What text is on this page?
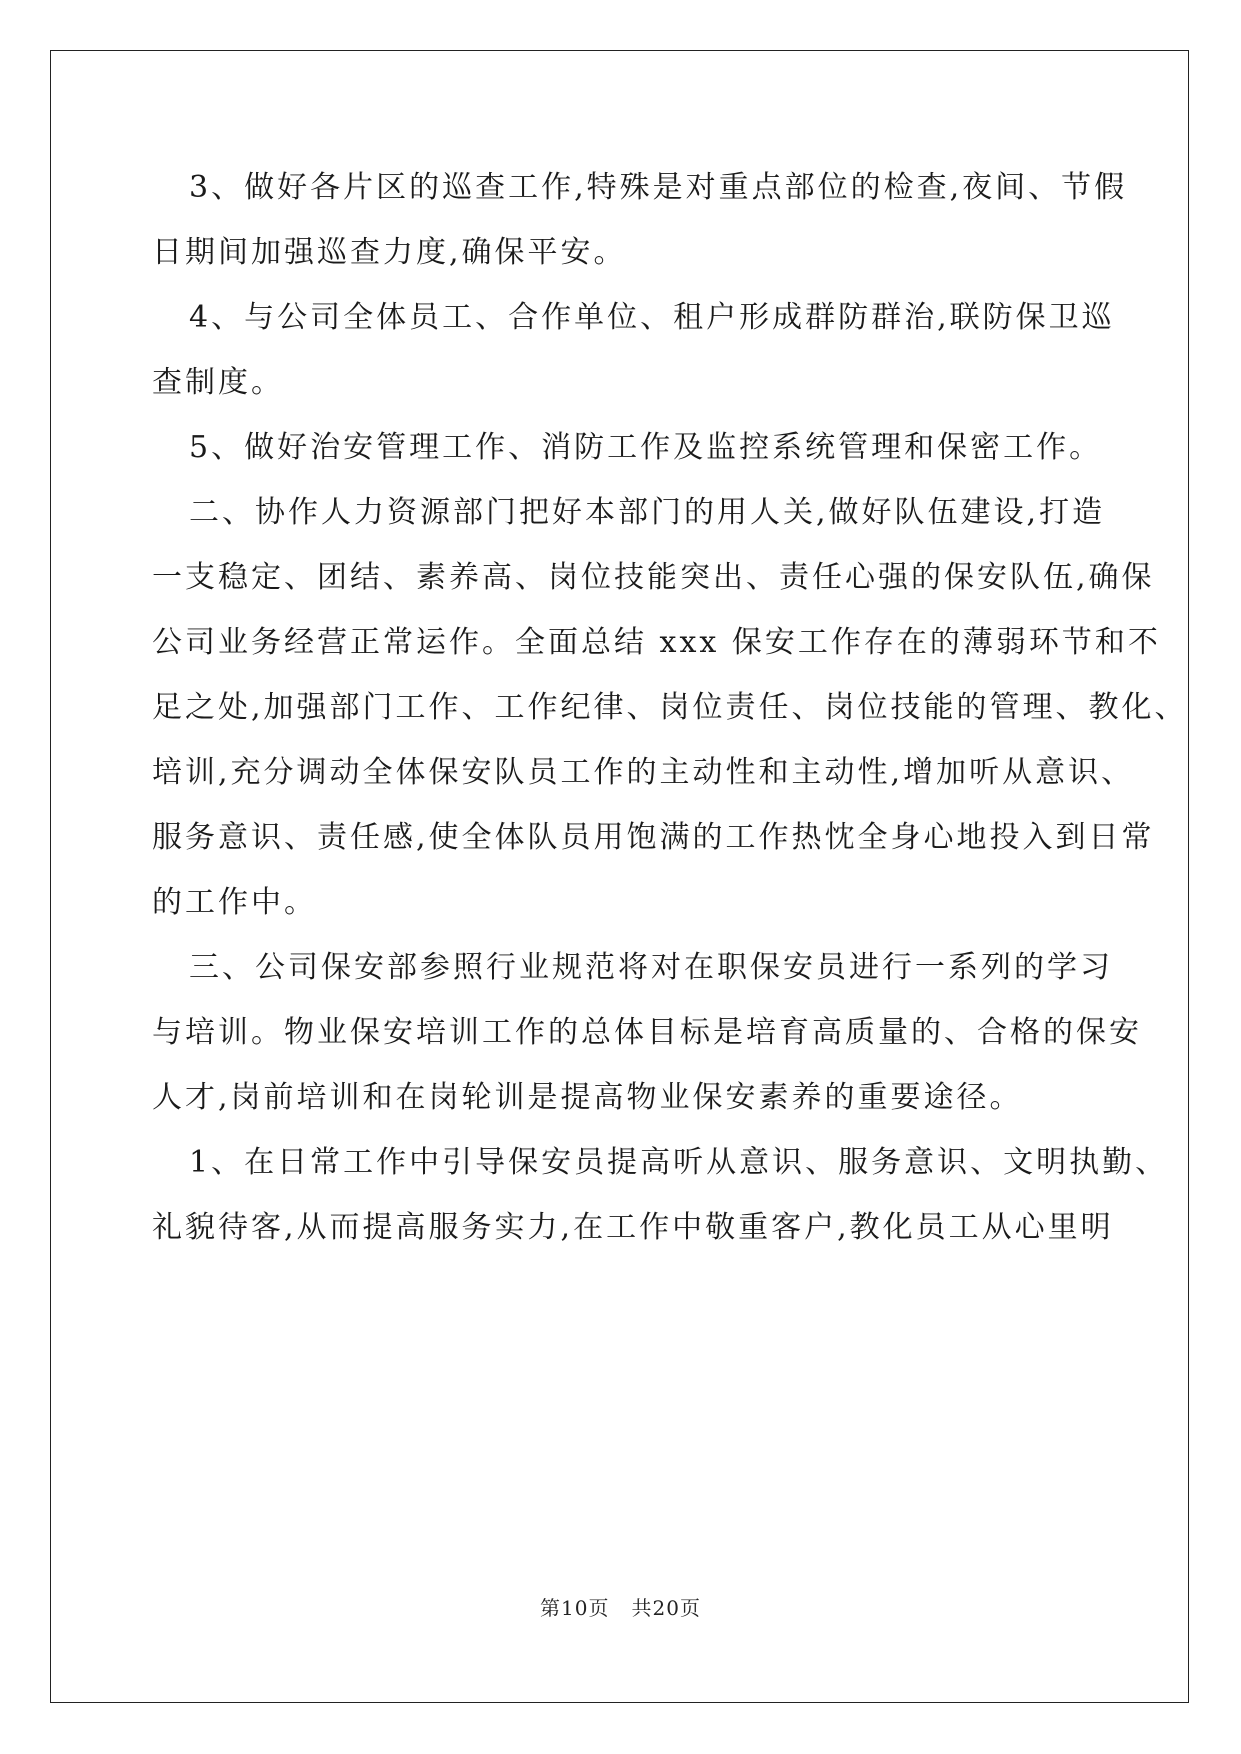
3、做好各片区的巡查工作,特殊是对重点部位的检查,夜间、节假
日期间加强巡查力度,确保平安。
4、与公司全体员工、合作单位、租户形成群防群治,联防保卫巡
查制度。
5、做好治安管理工作、消防工作及监控系统管理和保密工作。
二、协作人力资源部门把好本部门的用人关,做好队伍建设,打造
一支稳定、团结、素养高、岗位技能突出、责任心强的保安队伍,确保
公司业务经营正常运作。全面总结 xxx 保安工作存在的薄弱环节和不
足之处,加强部门工作、工作纪律、岗位责任、岗位技能的管理、教化、
培训,充分调动全体保安队员工作的主动性和主动性,增加听从意识、
服务意识、责任感,使全体队员用饱满的工作热忱全身心地投入到日常
的工作中。
三、公司保安部参照行业规范将对在职保安员进行一系列的学习
与培训。物业保安培训工作的总体目标是培育高质量的、合格的保安
人才,岗前培训和在岗轮训是提高物业保安素养的重要途径。
1、在日常工作中引导保安员提高听从意识、服务意识、文明执勤、
礼貌待客,从而提高服务实力,在工作中敬重客户,教化员工从心里明
第10页 共20页
